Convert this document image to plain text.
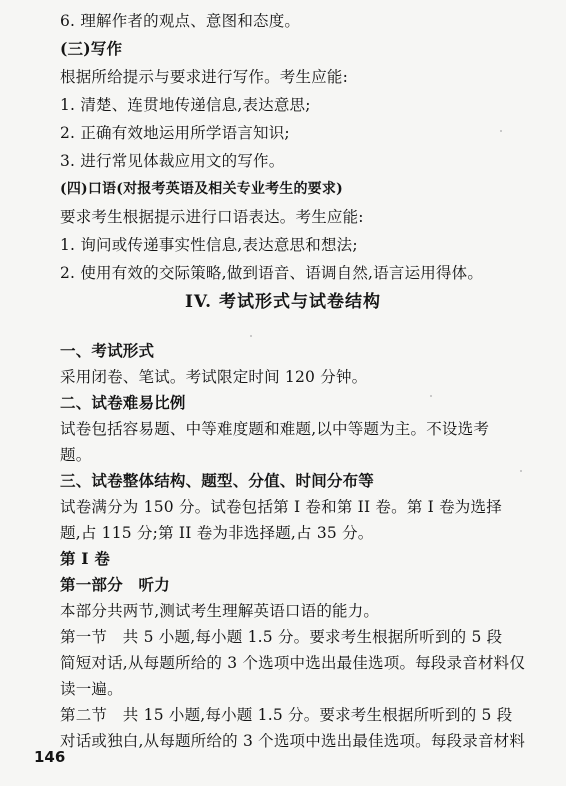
6. 理解作者的观点、意图和态度。
(三)写作
根据所给提示与要求进行写作。考生应能:
1. 清楚、连贯地传递信息,表达意思;
2. 正确有效地运用所学语言知识;
3. 进行常见体裁应用文的写作。
(四)口语(对报考英语及相关专业考生的要求)
要求考生根据提示进行口语表达。考生应能:
1. 询问或传递事实性信息,表达意思和想法;
2. 使用有效的交际策略,做到语音、语调自然,语言运用得体。
IV. 考试形式与试卷结构
一、考试形式
采用闭卷、笔试。考试限定时间 120 分钟。
二、试卷难易比例
试卷包括容易题、中等难度题和难题,以中等题为主。不设选考
题。
三、试卷整体结构、题型、分值、时间分布等
试卷满分为 150 分。试卷包括第 I 卷和第 II 卷。第 I 卷为选择
题,占 115 分;第 II 卷为非选择题,占 35 分。
第 I 卷
第一部分　听力
本部分共两节,测试考生理解英语口语的能力。
第一节　共 5 小题,每小题 1.5 分。要求考生根据所听到的 5 段
简短对话,从每题所给的 3 个选项中选出最佳选项。每段录音材料仅
读一遍。
第二节　共 15 小题,每小题 1.5 分。要求考生根据所听到的 5 段
对话或独白,从每题所给的 3 个选项中选出最佳选项。每段录音材料
146
